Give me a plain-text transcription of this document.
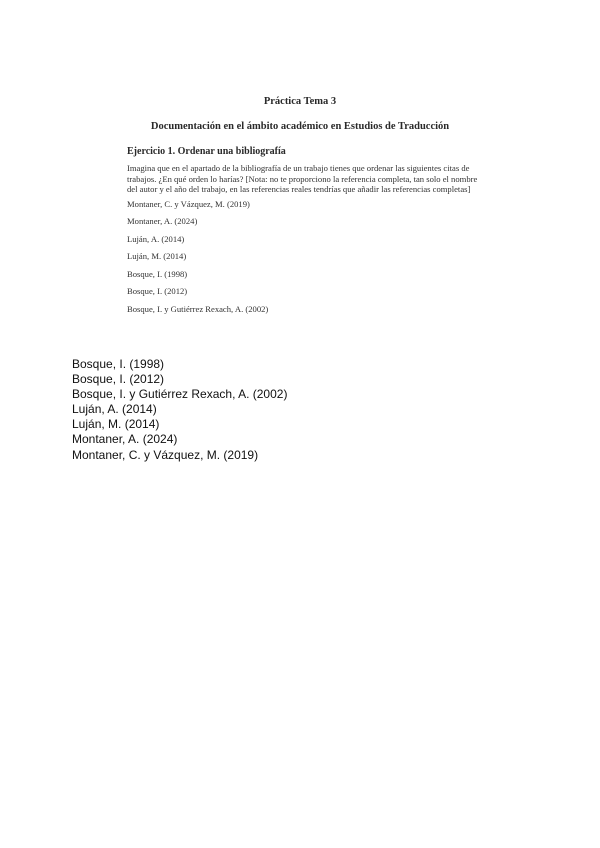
Práctica Tema 3
Documentación en el ámbito académico en Estudios de Traducción
Ejercicio 1. Ordenar una bibliografía
Imagina que en el apartado de la bibliografía de un trabajo tienes que ordenar las siguientes citas de trabajos. ¿En qué orden lo harías? [Nota: no te proporciono la referencia completa, tan solo el nombre del autor y el año del trabajo, en las referencias reales tendrías que añadir las referencias completas]
Montaner, C. y Vázquez, M. (2019)
Montaner, A. (2024)
Luján, A. (2014)
Luján, M. (2014)
Bosque, I. (1998)
Bosque, I. (2012)
Bosque, I. y Gutiérrez Rexach, A. (2002)
Bosque, I. (1998)
Bosque, I. (2012)
Bosque, I. y Gutiérrez Rexach, A. (2002)
Luján, A. (2014)
Luján, M. (2014)
Montaner, A. (2024)
Montaner, C. y Vázquez, M. (2019)
